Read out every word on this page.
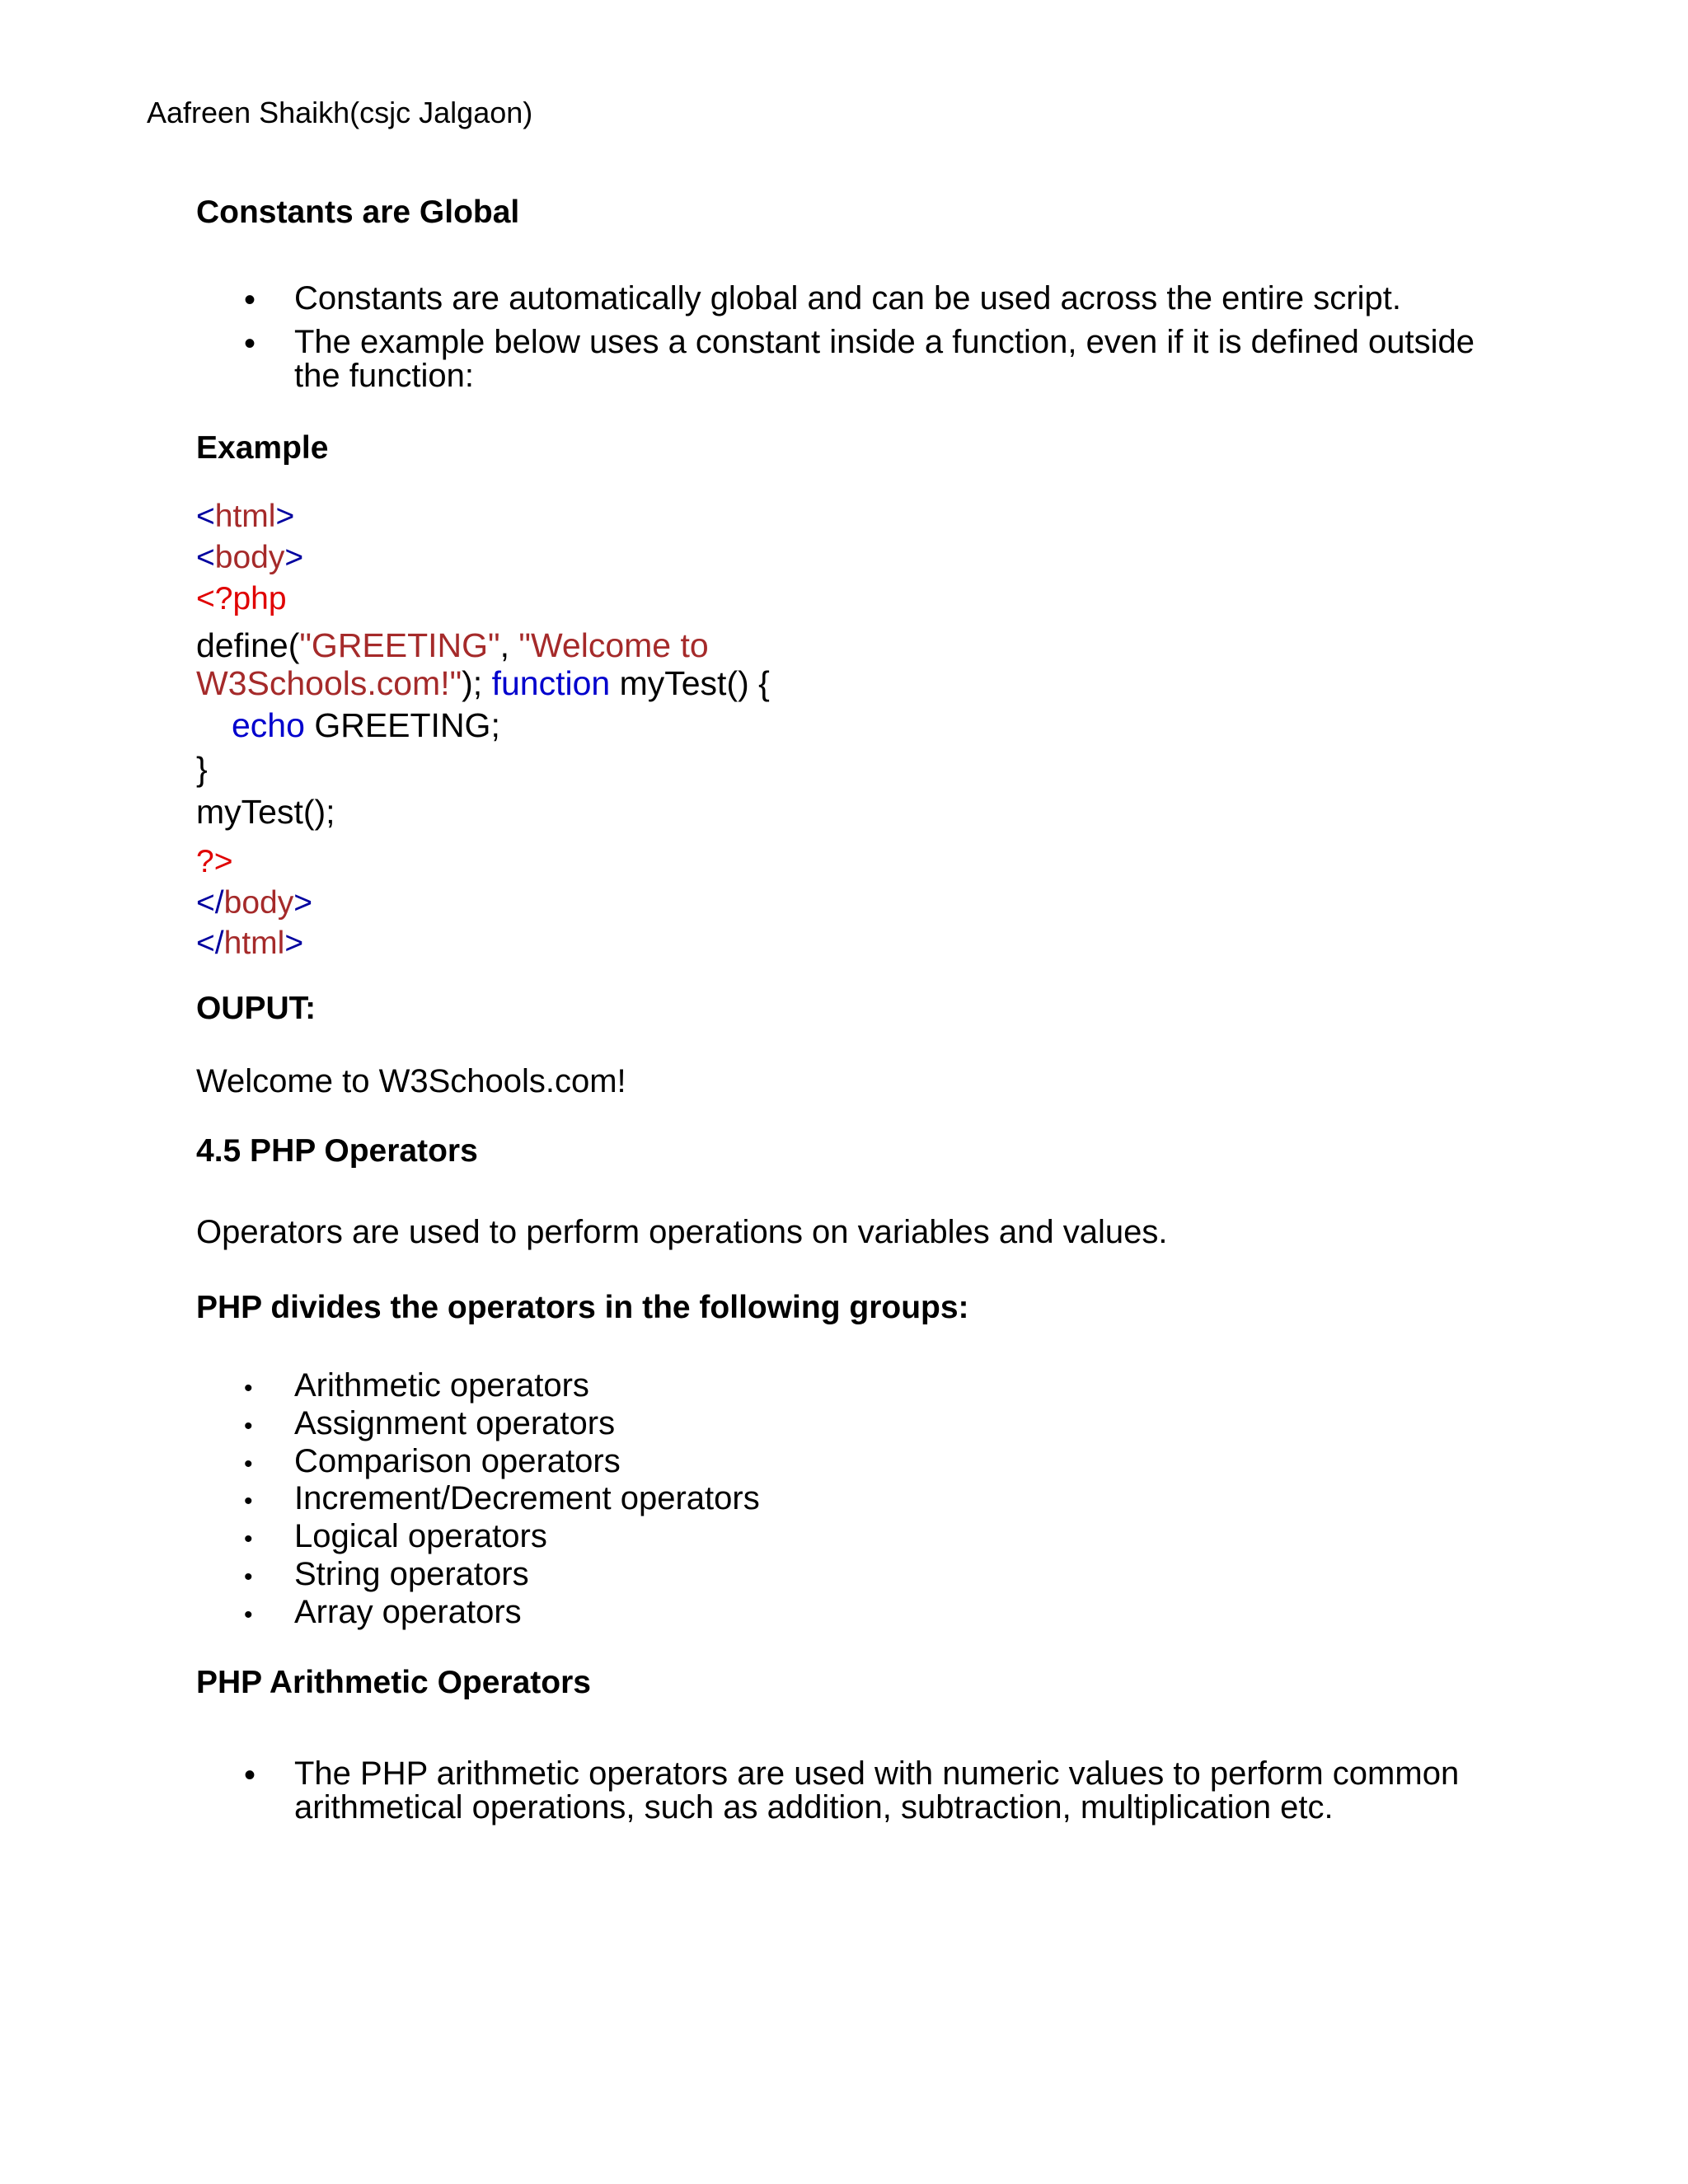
Aafreen Shaikh(csjc Jalgaon)
Constants are Global
• Constants are automatically global and can be used across the entire script.
• The example below uses a constant inside a function, even if it is defined outside
the function:
Example
<html>
<body>
<?php
define("GREETING", "Welcome to
W3Schools.com!"); function myTest() {
echo GREETING;
}
myTest();
?>
</body>
</html>
OUPUT:
Welcome to W3Schools.com!
4.5 PHP Operators
Operators are used to perform operations on variables and values.
PHP divides the operators in the following groups:
• Arithmetic operators
• Assignment operators
• Comparison operators
• Increment/Decrement operators
• Logical operators
• String operators
• Array operators
PHP Arithmetic Operators
• The PHP arithmetic operators are used with numeric values to perform common
arithmetical operations, such as addition, subtraction, multiplication etc.
